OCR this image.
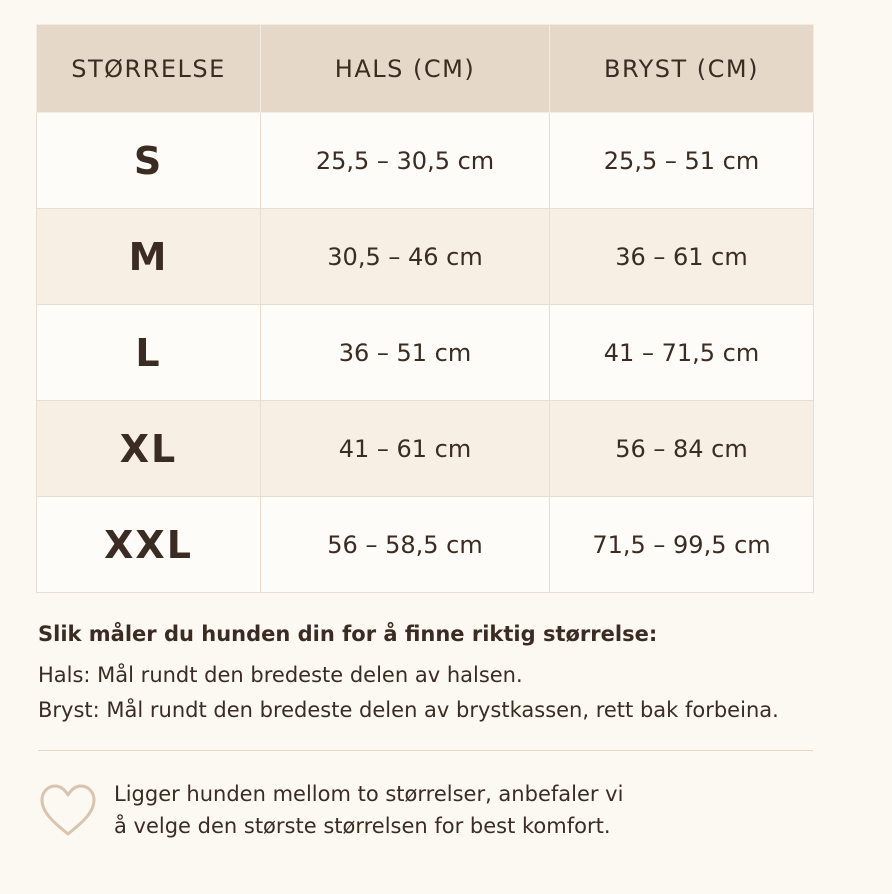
STØRRELSE	HALS (CM)	BRYST (CM)
S	25,5 – 30,5 cm	25,5 – 51 cm
M	30,5 – 46 cm	36 – 61 cm
L	36 – 51 cm	41 – 71,5 cm
XL	41 – 61 cm	56 – 84 cm
XXL	56 – 58,5 cm	71,5 – 99,5 cm
Slik måler du hunden din for å finne riktig størrelse:

Hals: Mål rundt den bredeste delen av halsen.

Bryst: Mål rundt den bredeste delen av brystkassen, rett bak forbeina.

Ligger hunden mellom to størrelser, anbefaler vi
å velge den største størrelsen for best komfort.
